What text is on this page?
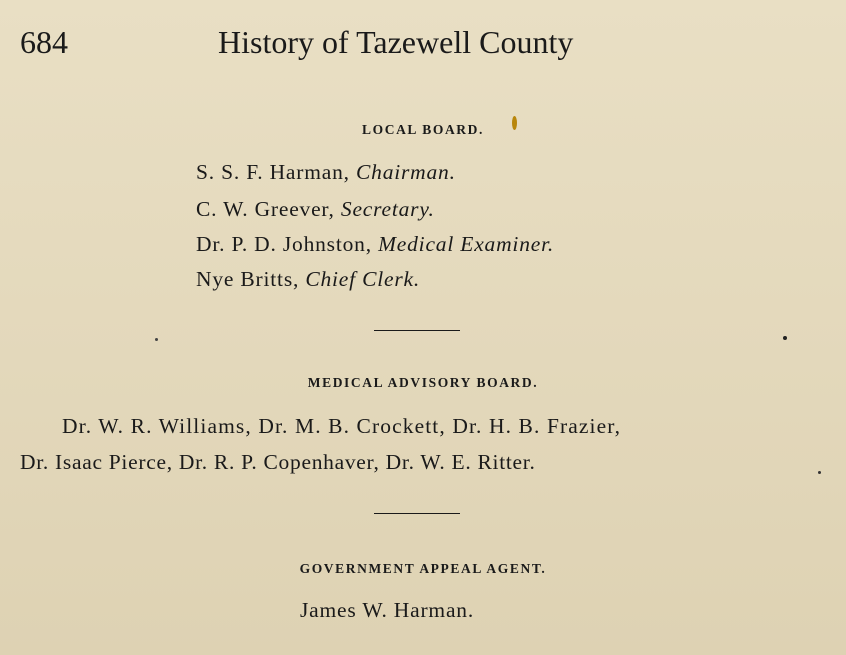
684	History of Tazewell County
LOCAL BOARD.
S. S. F. Harman, Chairman.
C. W. Greever, Secretary.
Dr. P. D. Johnston, Medical Examiner.
Nye Britts, Chief Clerk.
MEDICAL ADVISORY BOARD.
Dr. W. R. Williams, Dr. M. B. Crockett, Dr. H. B. Frazier,
Dr. Isaac Pierce, Dr. R. P. Copenhaver, Dr. W. E. Ritter.
GOVERNMENT APPEAL AGENT.
James W. Harman.
